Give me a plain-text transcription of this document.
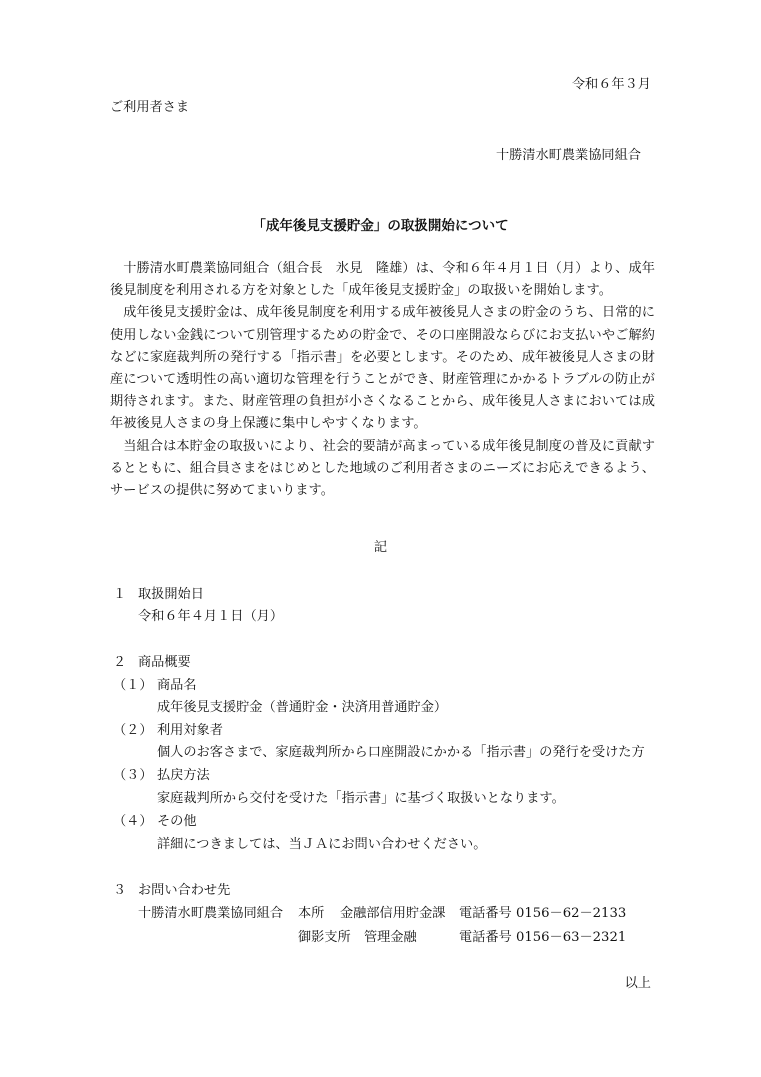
令和６年３月
ご利用者さま
十勝清水町農業協同組合
「成年後見支援貯金」の取扱開始について

十勝清水町農業協同組合（組合長　氷見　隆雄）は、令和６年４月１日（月）より、成年後見制度を利用される方を対象とした「成年後見支援貯金」の取扱いを開始します。

成年後見支援貯金は、成年後見制度を利用する成年被後見人さまの貯金のうち、日常的に使用しない金銭について別管理するための貯金で、その口座開設ならびにお支払いやご解約などに家庭裁判所の発行する「指示書」を必要とします。そのため、成年被後見人さまの財産について透明性の高い適切な管理を行うことができ、財産管理にかかるトラブルの防止が期待されます。また、財産管理の負担が小さくなることから、成年後見人さまにおいては成年被後見人さまの身上保護に集中しやすくなります。

当組合は本貯金の取扱いにより、社会的要請が高まっている成年後見制度の普及に貢献するとともに、組合員さまをはじめとした地域のご利用者さまのニーズにお応えできるよう、サービスの提供に努めてまいります。

記
１ 取扱開始日
令和６年４月１日（月）
２ 商品概要
（１） 商品名
成年後見支援貯金（普通貯金・決済用普通貯金）
（２） 利用対象者
個人のお客さまで、家庭裁判所から口座開設にかかる「指示書」の発行を受けた方
（３） 払戻方法
家庭裁判所から交付を受けた「指示書」に基づく取扱いとなります。
（４） その他
詳細につきましては、当ＪＡにお問い合わせください。
３ お問い合わせ先
十勝清水町農業協同組合 本所 金融部信用貯金課 電話番号 0156－62－2133
御影支所 管理金融	電話番号 0156－63－2321
以上
